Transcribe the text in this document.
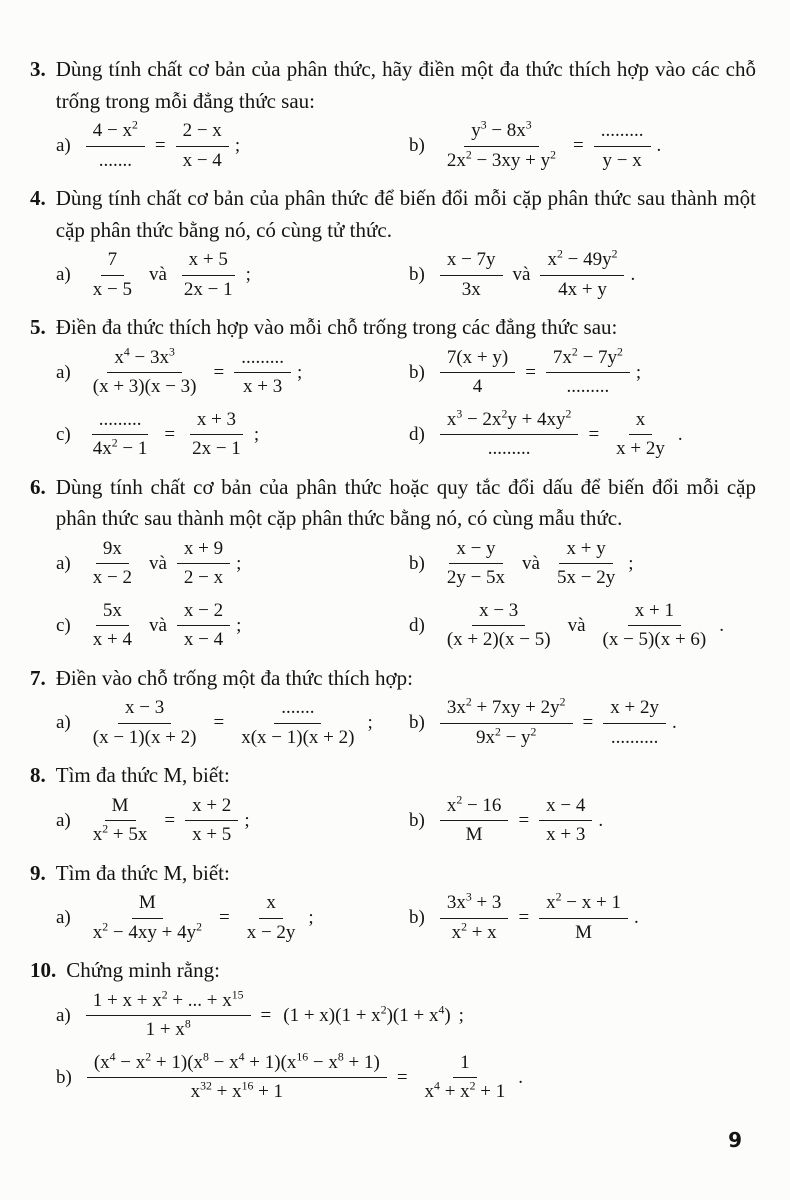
3. Dùng tính chất cơ bản của phân thức, hãy điền một đa thức thích hợp vào các chỗ trống trong mỗi đẳng thức sau:
$a) \frac{4 - x^2}{.......} = \frac{2 - x}{x - 4}$ ;	$b) \frac{y^3 - 8x^3}{2x^2 - 3xy + y^2} = \frac{.........}{y - x}$ .
4. Dùng tính chất cơ bản của phân thức để biến đổi mỗi cặp phân thức sau thành một cặp phân thức bằng nó, có cùng tử thức.
$a) \frac{7}{x - 5}$ và $\frac{x + 5}{2x - 1}$ ;	$b) \frac{x - 7y}{3x}$ và $\frac{x^2 - 49y^2}{4x + y}$ .
5. Điền đa thức thích hợp vào mỗi chỗ trống trong các đẳng thức sau:
$a) \frac{x^4 - 3x^3}{(x + 3)(x - 3)} = \frac{.........}{x + 3}$ ;	$b) \frac{7(x + y)}{4} = \frac{7x^2 - 7y^2}{.........}$ ;
$c) \frac{.........}{4x^2 - 1} = \frac{x + 3}{2x - 1}$ ;	$d) \frac{x^3 - 2x^2y + 4xy^2}{.........} = \frac{x}{x + 2y}$ .
6. Dùng tính chất cơ bản của phân thức hoặc quy tắc đổi dấu để biến đổi mỗi cặp phân thức sau thành một cặp phân thức bằng nó, có cùng mẫu thức.
$a) \frac{9x}{x - 2}$ và $\frac{x + 9}{2 - x}$ ;	$b) \frac{x - y}{2y - 5x}$ và $\frac{x + y}{5x - 2y}$ ;
$c) \frac{5x}{x + 4}$ và $\frac{x - 2}{x - 4}$ ;	$d) \frac{x - 3}{(x + 2)(x - 5)}$ và $\frac{x + 1}{(x - 5)(x + 6)}$ .
7. Điền vào chỗ trống một đa thức thích hợp:
$a) \frac{x - 3}{(x - 1)(x + 2)} = \frac{.......}{x(x - 1)(x + 2)}$ ; $b) \frac{3x^2 + 7xy + 2y^2}{9x^2 - y^2} = \frac{x + 2y}{..........}$ .
8. Tìm đa thức M, biết:
$a) \frac{M}{x^2 + 5x} = \frac{x + 2}{x + 5}$ ;	$b) \frac{x^2 - 16}{M} = \frac{x - 4}{x + 3}$ .
9. Tìm đa thức M, biết:
$a) \frac{M}{x^2 - 4xy + 4y^2} = \frac{x}{x - 2y}$ ;	$b) \frac{3x^3 + 3}{x^2 + x} = \frac{x^2 - x + 1}{M}$ .
10. Chứng minh rằng:
$a) \frac{1 + x + x^2 + ... + x^{15}}{1 + x^8} = (1 + x)(1 + x^2)(1 + x^4)$ ;
$b) \frac{(x^4 - x^2 + 1)(x^8 - x^4 + 1)(x^{16} - x^8 + 1)}{x^{32} + x^{16} + 1} = \frac{1}{x^4 + x^2 + 1}$ .
9
